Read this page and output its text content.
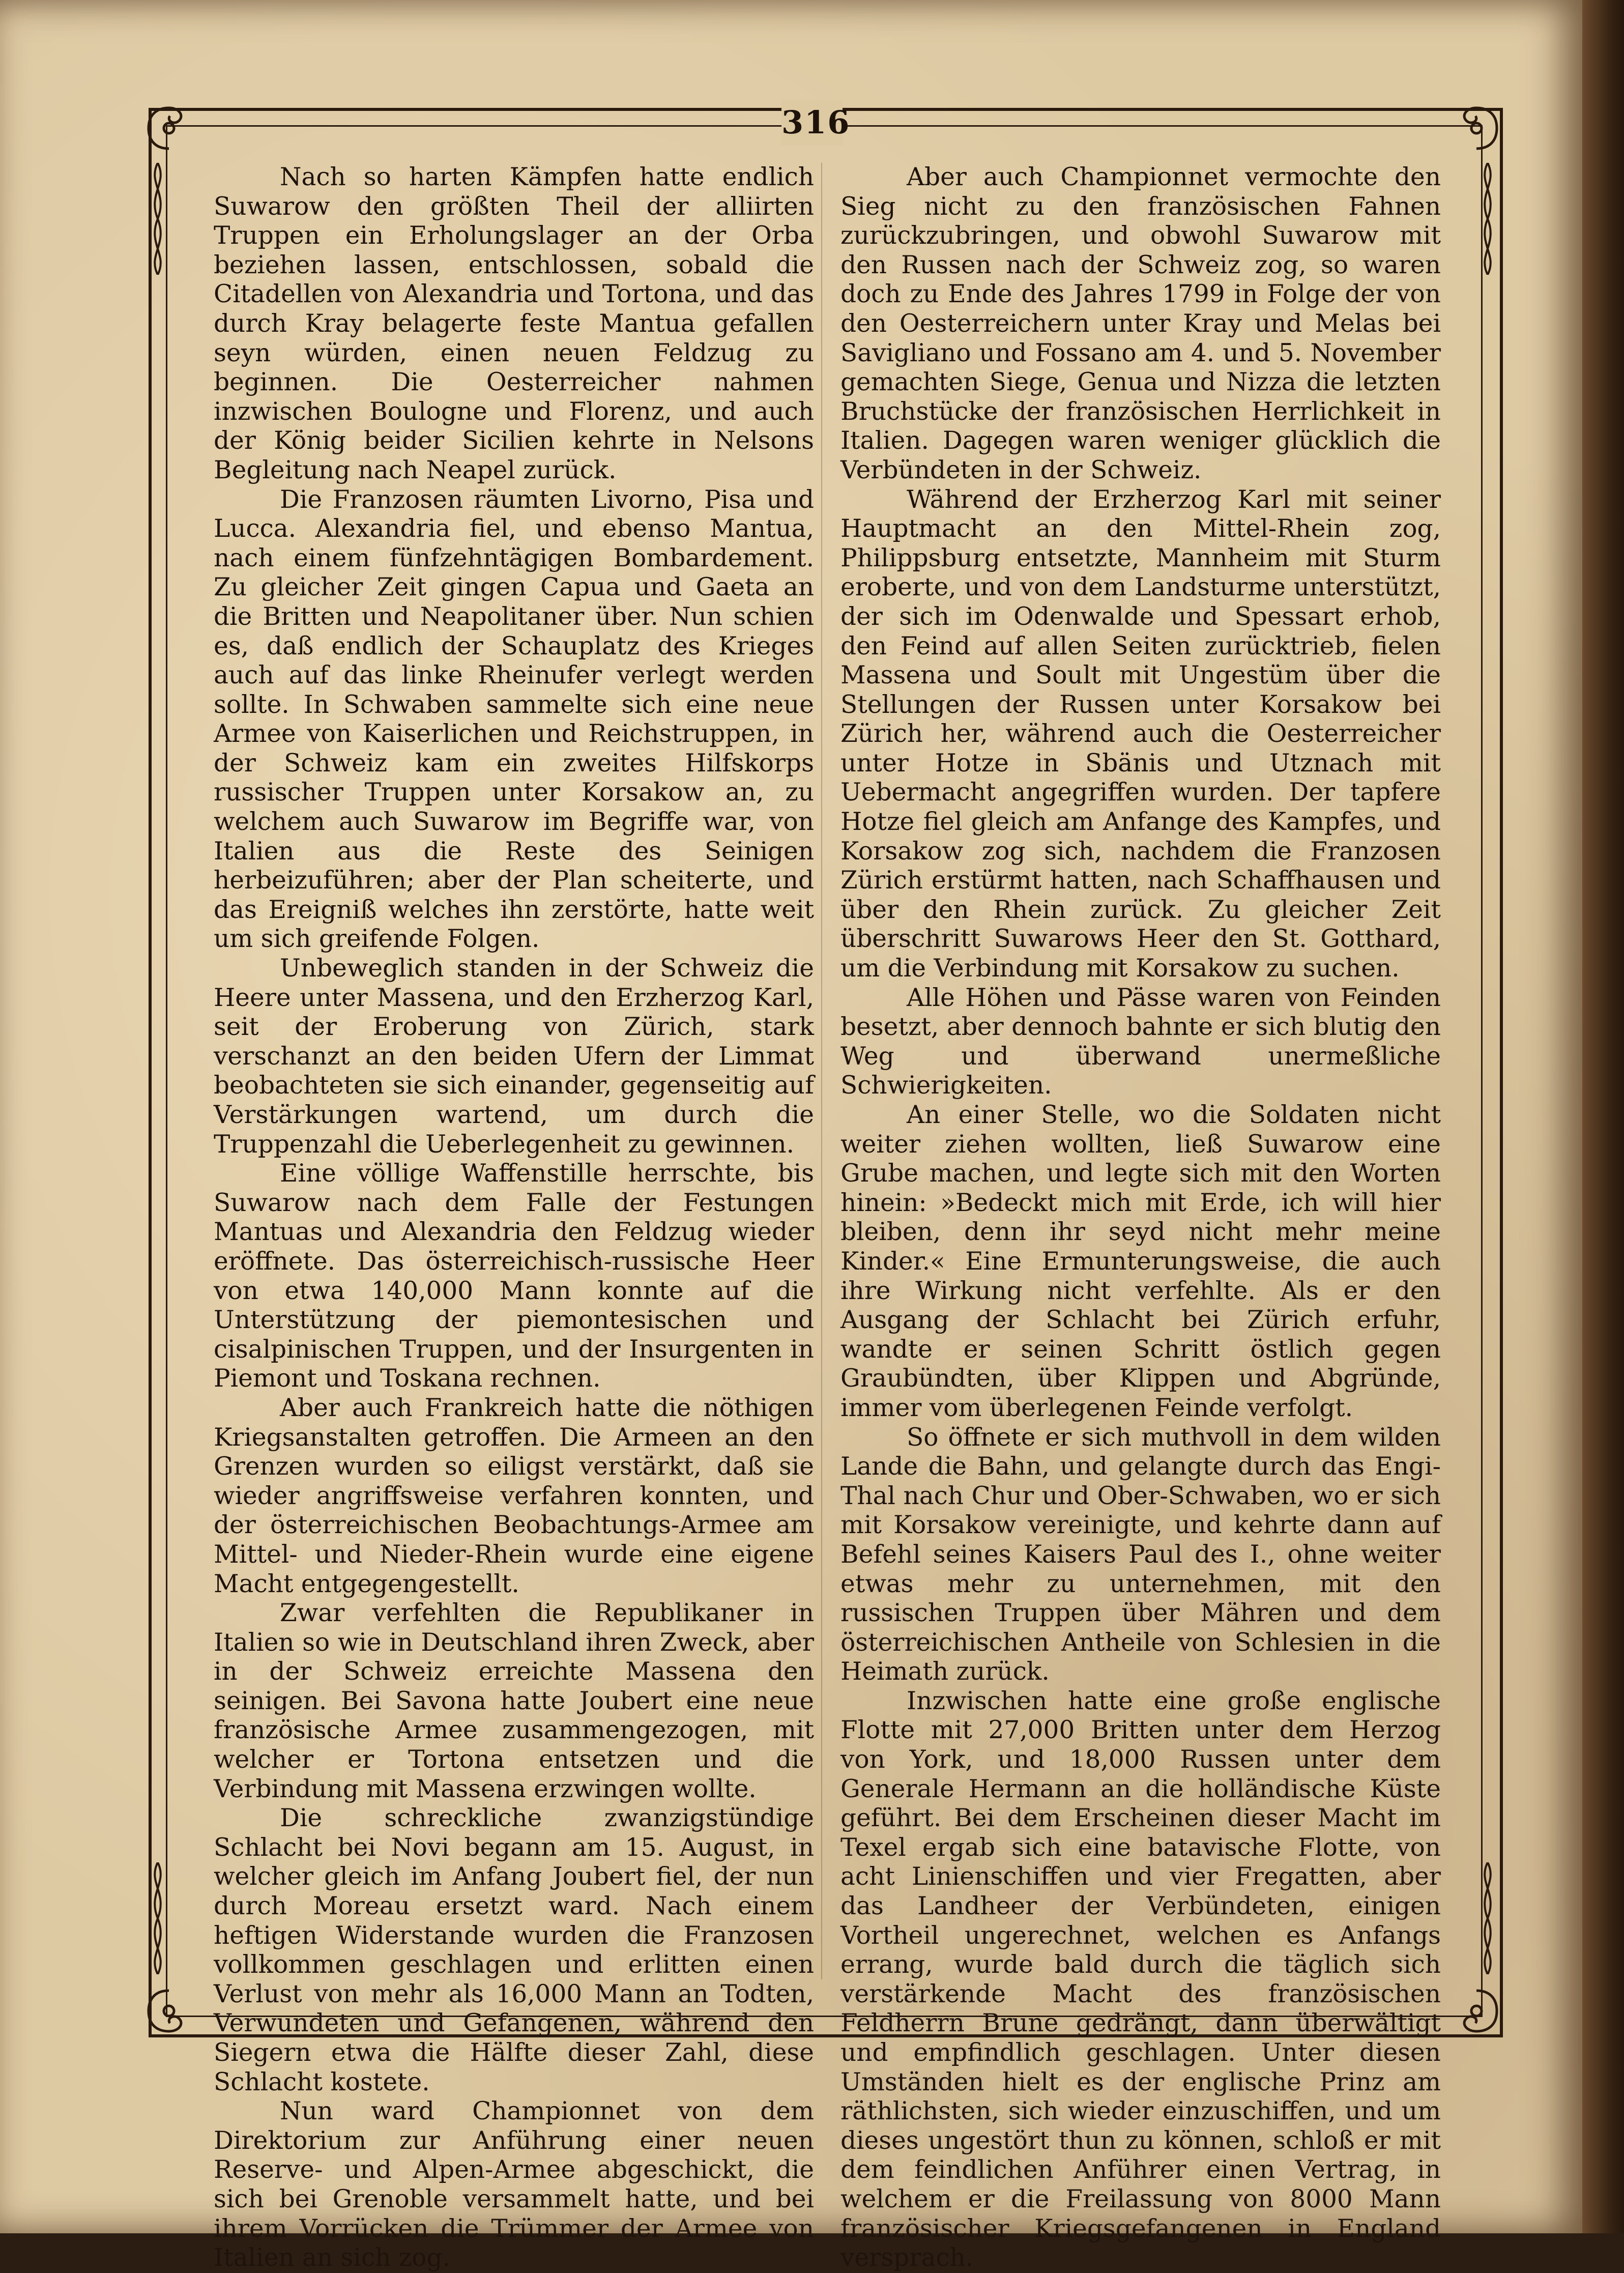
316

Nach so harten Kämpfen hatte endlich Suwarow den größten Theil der alliirten Truppen ein Erholungslager an der Orba beziehen lassen, entschlossen, sobald die Citadellen von Alexandria und Tortona, und das durch Kray belagerte feste Mantua gefallen seyn würden, einen neuen Feldzug zu beginnen. Die Oesterreicher nahmen inzwischen Boulogne und Florenz, und auch der König beider Sicilien kehrte in Nelsons Begleitung nach Neapel zurück.

Die Franzosen räumten Livorno, Pisa und Lucca. Alexandria fiel, und ebenso Mantua, nach einem fünfzehntägigen Bombardement. Zu gleicher Zeit gingen Capua und Gaeta an die Britten und Neapolitaner über. Nun schien es, daß endlich der Schauplatz des Krieges auch auf das linke Rheinufer verlegt werden sollte. In Schwaben sammelte sich eine neue Armee von Kaiserlichen und Reichstruppen, in der Schweiz kam ein zweites Hilfskorps russischer Truppen unter Korsakow an, zu welchem auch Suwarow im Begriffe war, von Italien aus die Reste des Seinigen herbeizuführen; aber der Plan scheiterte, und das Ereigniß welches ihn zerstörte, hatte weit um sich greifende Folgen.

Unbeweglich standen in der Schweiz die Heere unter Massena, und den Erzherzog Karl, seit der Eroberung von Zürich, stark verschanzt an den beiden Ufern der Limmat beobachteten sie sich einander, gegenseitig auf Verstärkungen wartend, um durch die Truppenzahl die Ueberlegenheit zu gewinnen.

Eine völlige Waffenstille herrschte, bis Suwarow nach dem Falle der Festungen Mantuas und Alexandria den Feldzug wieder eröffnete. Das österreichisch-russische Heer von etwa 140,000 Mann konnte auf die Unterstützung der piemontesischen und cisalpinischen Truppen, und der Insurgenten in Piemont und Toskana rechnen.

Aber auch Frankreich hatte die nöthigen Kriegsanstalten getroffen. Die Armeen an den Grenzen wurden so eiligst verstärkt, daß sie wieder angriffsweise verfahren konnten, und der österreichischen Beobachtungs-Armee am Mittel- und Nieder-Rhein wurde eine eigene Macht entgegengestellt.

Zwar verfehlten die Republikaner in Italien so wie in Deutschland ihren Zweck, aber in der Schweiz erreichte Massena den seinigen. Bei Savona hatte Joubert eine neue französische Armee zusammengezogen, mit welcher er Tortona entsetzen und die Verbindung mit Massena erzwingen wollte.

Die schreckliche zwanzigstündige Schlacht bei Novi begann am 15. August, in welcher gleich im Anfang Joubert fiel, der nun durch Moreau ersetzt ward. Nach einem heftigen Widerstande wurden die Franzosen vollkommen geschlagen und erlitten einen Verlust von mehr als 16,000 Mann an Todten, Verwundeten und Gefangenen, während den Siegern etwa die Hälfte dieser Zahl, diese Schlacht kostete.

Nun ward Championnet von dem Direktorium zur Anführung einer neuen Reserve- und Alpen-Armee abgeschickt, die sich bei Grenoble versammelt hatte, und bei ihrem Vorrücken die Trümmer der Armee von Italien an sich zog.

Aber auch Championnet vermochte den Sieg nicht zu den französischen Fahnen zurückzubringen, und obwohl Suwarow mit den Russen nach der Schweiz zog, so waren doch zu Ende des Jahres 1799 in Folge der von den Oesterreichern unter Kray und Melas bei Savigliano und Fossano am 4. und 5. November gemachten Siege, Genua und Nizza die letzten Bruchstücke der französischen Herrlichkeit in Italien. Dagegen waren weniger glücklich die Verbündeten in der Schweiz.

Während der Erzherzog Karl mit seiner Hauptmacht an den Mittel-Rhein zog, Philippsburg entsetzte, Mannheim mit Sturm eroberte, und von dem Landsturme unterstützt, der sich im Odenwalde und Spessart erhob, den Feind auf allen Seiten zurücktrieb, fielen Massena und Soult mit Ungestüm über die Stellungen der Russen unter Korsakow bei Zürich her, während auch die Oesterreicher unter Hotze in Sbänis und Utznach mit Uebermacht angegriffen wurden. Der tapfere Hotze fiel gleich am Anfange des Kampfes, und Korsakow zog sich, nachdem die Franzosen Zürich erstürmt hatten, nach Schaffhausen und über den Rhein zurück. Zu gleicher Zeit überschritt Suwarows Heer den St. Gotthard, um die Verbindung mit Korsakow zu suchen.

Alle Höhen und Pässe waren von Feinden besetzt, aber dennoch bahnte er sich blutig den Weg und überwand unermeßliche Schwierigkeiten.

An einer Stelle, wo die Soldaten nicht weiter ziehen wollten, ließ Suwarow eine Grube machen, und legte sich mit den Worten hinein: »Bedeckt mich mit Erde, ich will hier bleiben, denn ihr seyd nicht mehr meine Kinder.« Eine Ermunterungsweise, die auch ihre Wirkung nicht verfehlte. Als er den Ausgang der Schlacht bei Zürich erfuhr, wandte er seinen Schritt östlich gegen Graubündten, über Klippen und Abgründe, immer vom überlegenen Feinde verfolgt.

So öffnete er sich muthvoll in dem wilden Lande die Bahn, und gelangte durch das Engi-Thal nach Chur und Ober-Schwaben, wo er sich mit Korsakow vereinigte, und kehrte dann auf Befehl seines Kaisers Paul des I., ohne weiter etwas mehr zu unternehmen, mit den russischen Truppen über Mähren und dem österreichischen Antheile von Schlesien in die Heimath zurück.

Inzwischen hatte eine große englische Flotte mit 27,000 Britten unter dem Herzog von York, und 18,000 Russen unter dem Generale Hermann an die holländische Küste geführt. Bei dem Erscheinen dieser Macht im Texel ergab sich eine batavische Flotte, von acht Linienschiffen und vier Fregatten, aber das Landheer der Verbündeten, einigen Vortheil ungerechnet, welchen es Anfangs errang, wurde bald durch die täglich sich verstärkende Macht des französischen Feldherrn Brune gedrängt, dann überwältigt und empfindlich geschlagen. Unter diesen Umständen hielt es der englische Prinz am räthlichsten, sich wieder einzuschiffen, und um dieses ungestört thun zu können, schloß er mit dem feindlichen Anführer einen Vertrag, in welchem er die Freilassung von 8000 Mann französischer Kriegsgefangenen in England versprach.
